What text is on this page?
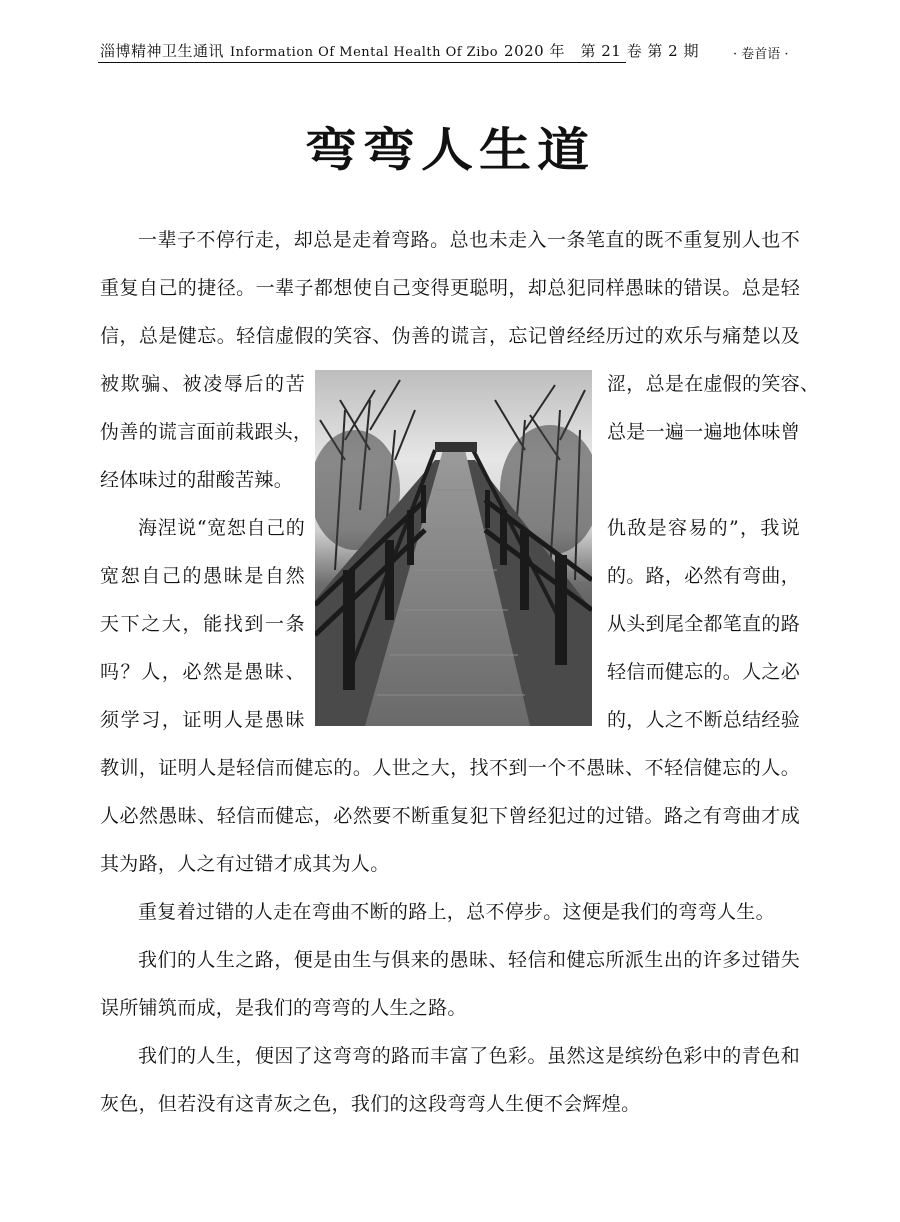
淄博精神卫生通讯 Information Of Mental Health Of Zibo 2020 年　第 21 卷 第 2 期	· 卷首语 ·
弯弯人生道
一辈子不停行走，却总是走着弯路。总也未走入一条笔直的既不重复别人也不
重复自己的捷径。一辈子都想使自己变得更聪明，却总犯同样愚昧的错误。总是轻
信，总是健忘。轻信虚假的笑容、伪善的谎言，忘记曾经经历过的欢乐与痛楚以及
被欺骗、被凌辱后的苦	涩，总是在虚假的笑容、
伪善的谎言面前栽跟头，	总是一遍一遍地体味曾
经体味过的甜酸苦辣。
海涅说“宽恕自己的	仇敌是容易的”，我说
宽恕自己的愚昧是自然	的。路，必然有弯曲，
天下之大，能找到一条	从头到尾全都笔直的路
吗？人，必然是愚昧、	轻信而健忘的。人之必
须学习，证明人是愚昧	的，人之不断总结经验
教训，证明人是轻信而健忘的。人世之大，找不到一个不愚昧、不轻信健忘的人。
人必然愚昧、轻信而健忘，必然要不断重复犯下曾经犯过的过错。路之有弯曲才成
其为路，人之有过错才成其为人。
重复着过错的人走在弯曲不断的路上，总不停步。这便是我们的弯弯人生。
我们的人生之路，便是由生与俱来的愚昧、轻信和健忘所派生出的许多过错失
误所铺筑而成，是我们的弯弯的人生之路。
我们的人生，便因了这弯弯的路而丰富了色彩。虽然这是缤纷色彩中的青色和
灰色，但若没有这青灰之色，我们的这段弯弯人生便不会辉煌。
